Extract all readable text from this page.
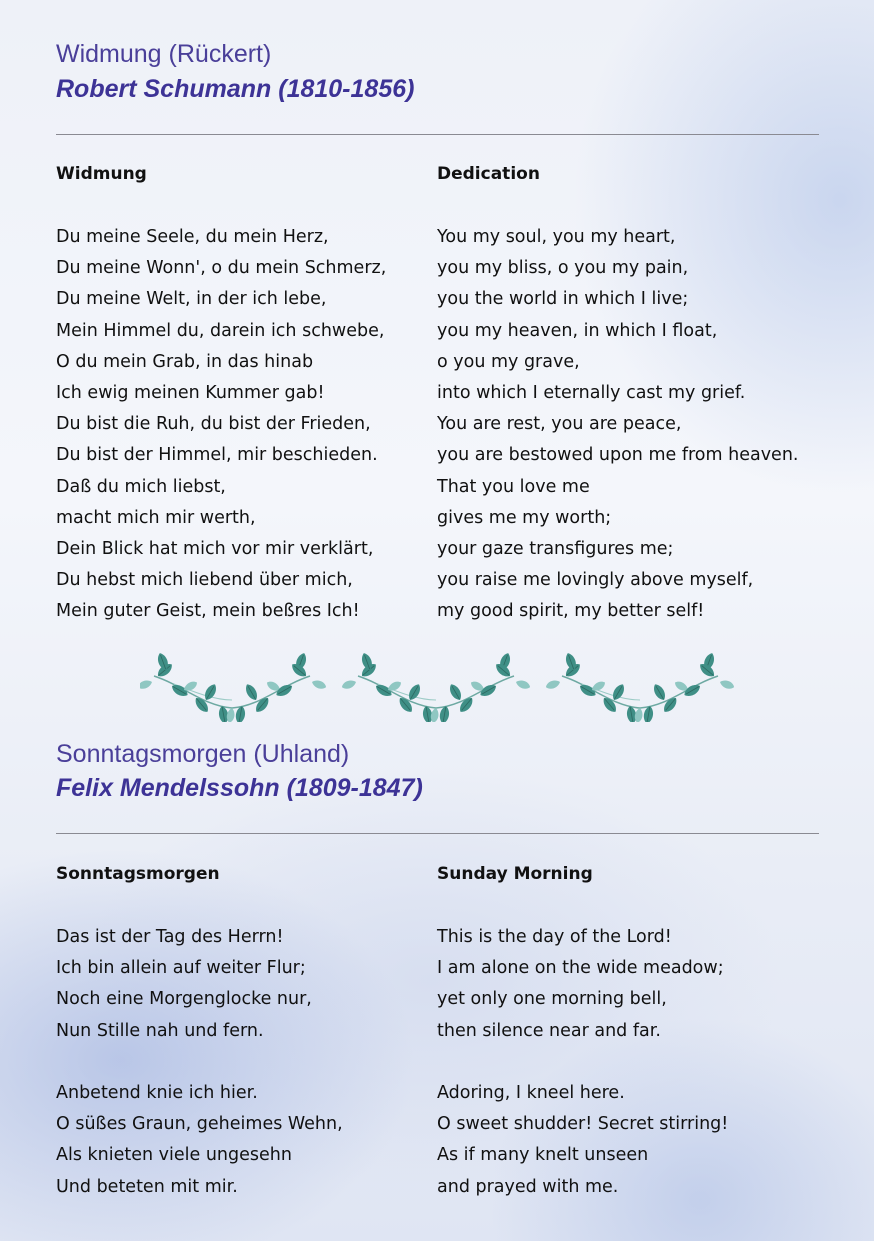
Widmung (Rückert)
Robert Schumann (1810-1856)
Widmung	Dedication
Du meine Seele, du mein Herz,
Du meine Wonn', o du mein Schmerz,
Du meine Welt, in der ich lebe,
Mein Himmel du, darein ich schwebe,
O du mein Grab, in das hinab
Ich ewig meinen Kummer gab!
Du bist die Ruh, du bist der Frieden,
Du bist der Himmel, mir beschieden.
Daß du mich liebst,
macht mich mir werth,
Dein Blick hat mich vor mir verklärt,
Du hebst mich liebend über mich,
Mein guter Geist, mein beßres Ich!
You my soul, you my heart,
you my bliss, o you my pain,
you the world in which I live;
you my heaven, in which I float,
o you my grave,
into which I eternally cast my grief.
You are rest, you are peace,
you are bestowed upon me from heaven.
That you love me
gives me my worth;
your gaze transfigures me;
you raise me lovingly above myself,
my good spirit, my better self!
Sonntagsmorgen (Uhland)
Felix Mendelssohn (1809-1847)
Sonntagsmorgen	Sunday Morning
Das ist der Tag des Herrn!
Ich bin allein auf weiter Flur;
Noch eine Morgenglocke nur,
Nun Stille nah und fern.
Anbetend knie ich hier.
O süßes Graun, geheimes Wehn,
Als knieten viele ungesehn
Und beteten mit mir.
This is the day of the Lord!
I am alone on the wide meadow;
yet only one morning bell,
then silence near and far.
Adoring, I kneel here.
O sweet shudder! Secret stirring!
As if many knelt unseen
and prayed with me.
